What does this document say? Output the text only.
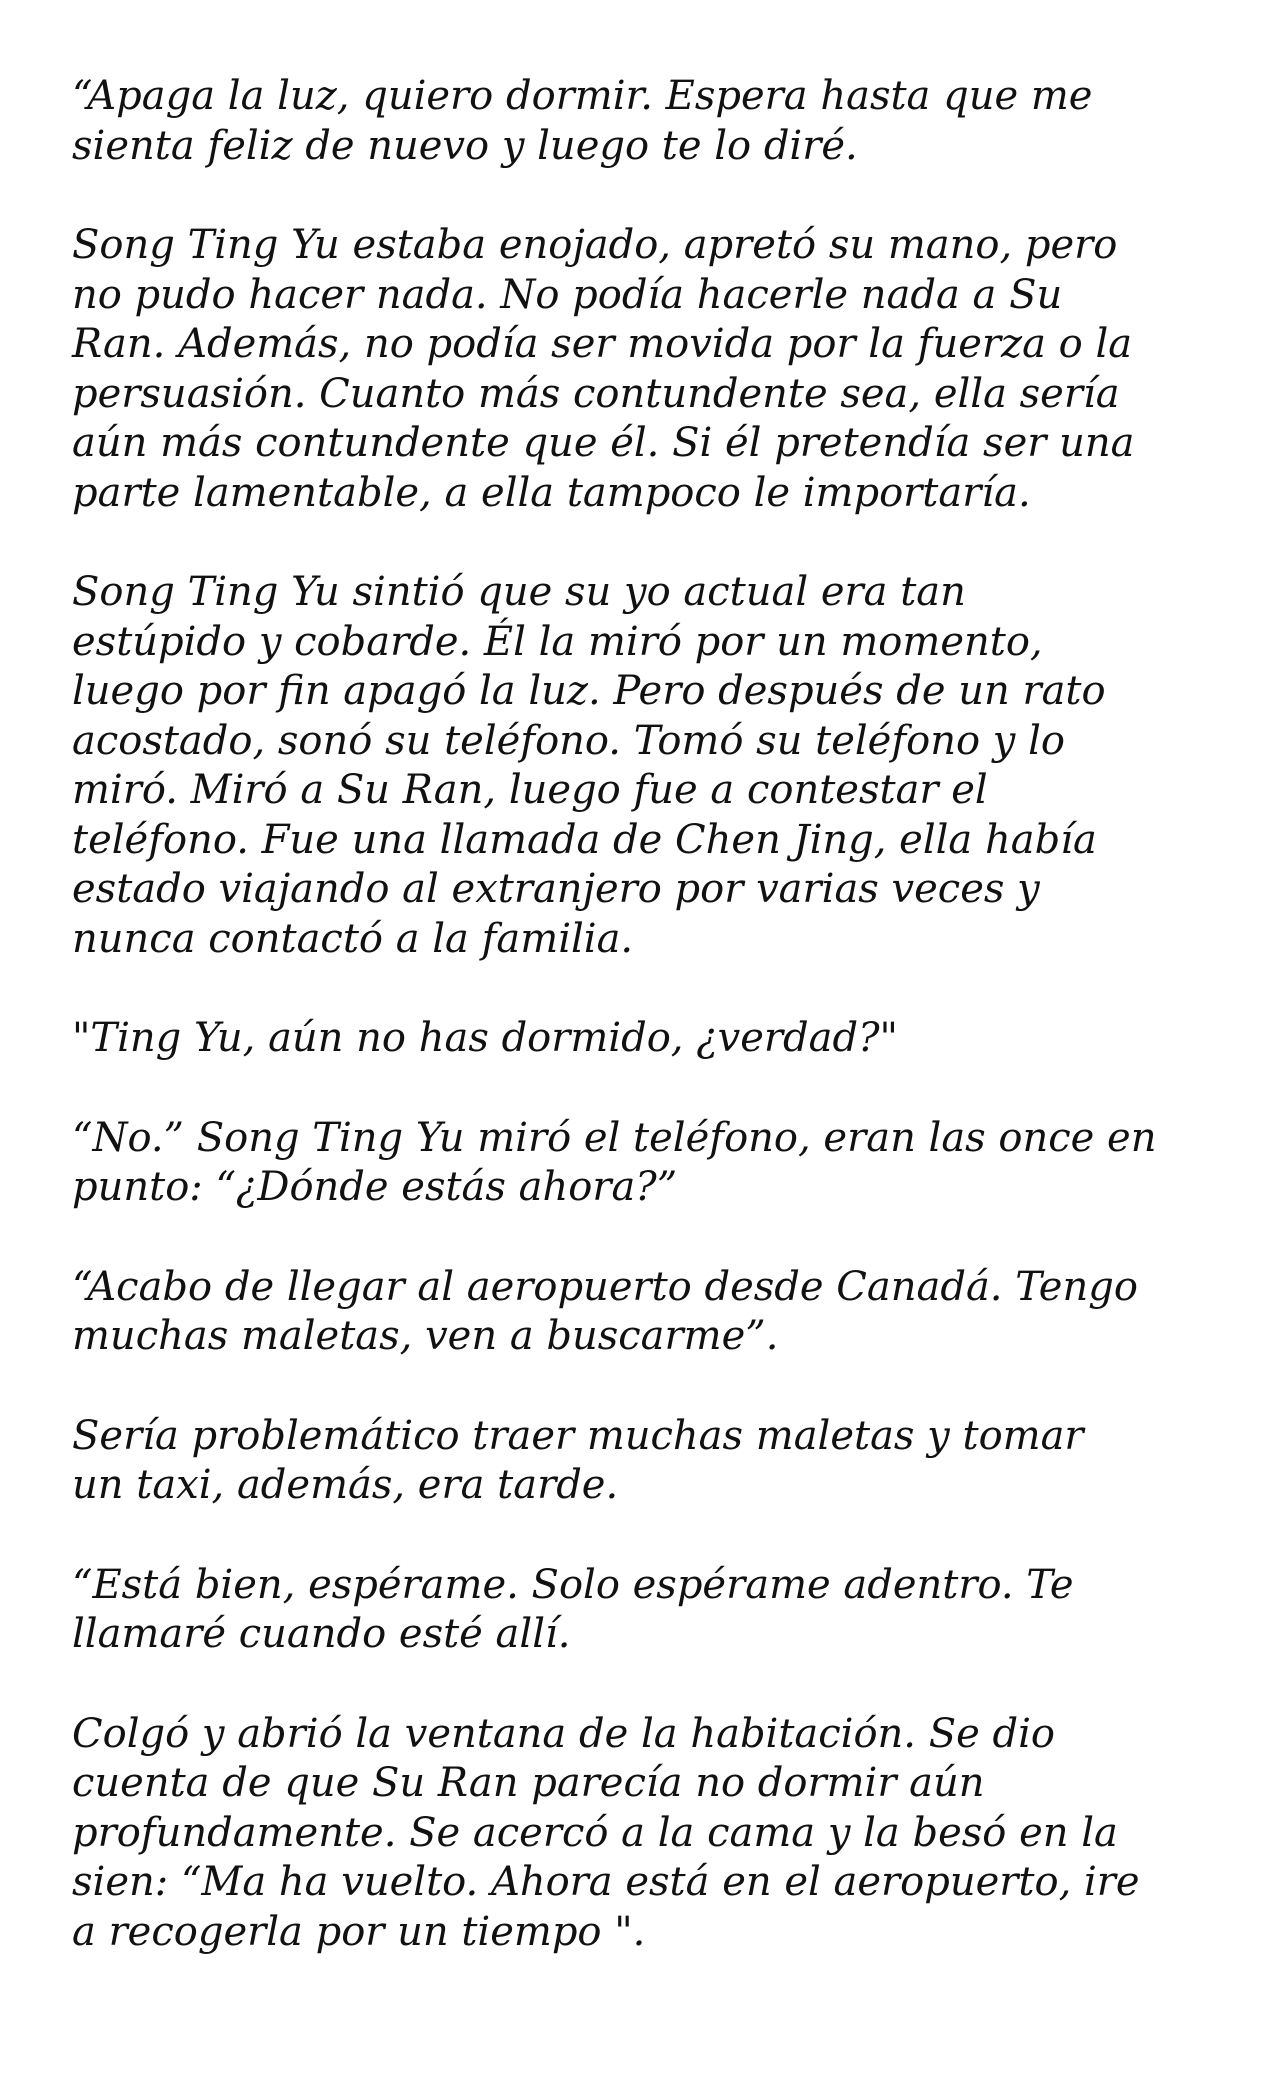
“Apaga la luz, quiero dormir. Espera hasta que me
sienta feliz de nuevo y luego te lo diré.

Song Ting Yu estaba enojado, apretó su mano, pero
no pudo hacer nada. No podía hacerle nada a Su
Ran. Además, no podía ser movida por la fuerza o la
persuasión. Cuanto más contundente sea, ella sería
aún más contundente que él. Si él pretendía ser una
parte lamentable, a ella tampoco le importaría.

Song Ting Yu sintió que su yo actual era tan
estúpido y cobarde. Él la miró por un momento,
luego por fin apagó la luz. Pero después de un rato
acostado, sonó su teléfono. Tomó su teléfono y lo
miró. Miró a Su Ran, luego fue a contestar el
teléfono. Fue una llamada de Chen Jing, ella había
estado viajando al extranjero por varias veces y
nunca contactó a la familia.

"Ting Yu, aún no has dormido, ¿verdad?"

“No.” Song Ting Yu miró el teléfono, eran las once en
punto: “¿Dónde estás ahora?”

“Acabo de llegar al aeropuerto desde Canadá. Tengo
muchas maletas, ven a buscarme”.

Sería problemático traer muchas maletas y tomar
un taxi, además, era tarde.

“Está bien, espérame. Solo espérame adentro. Te
llamaré cuando esté allí.

Colgó y abrió la ventana de la habitación. Se dio
cuenta de que Su Ran parecía no dormir aún
profundamente. Se acercó a la cama y la besó en la
sien: “Ma ha vuelto. Ahora está en el aeropuerto, ire
a recogerla por un tiempo ".
